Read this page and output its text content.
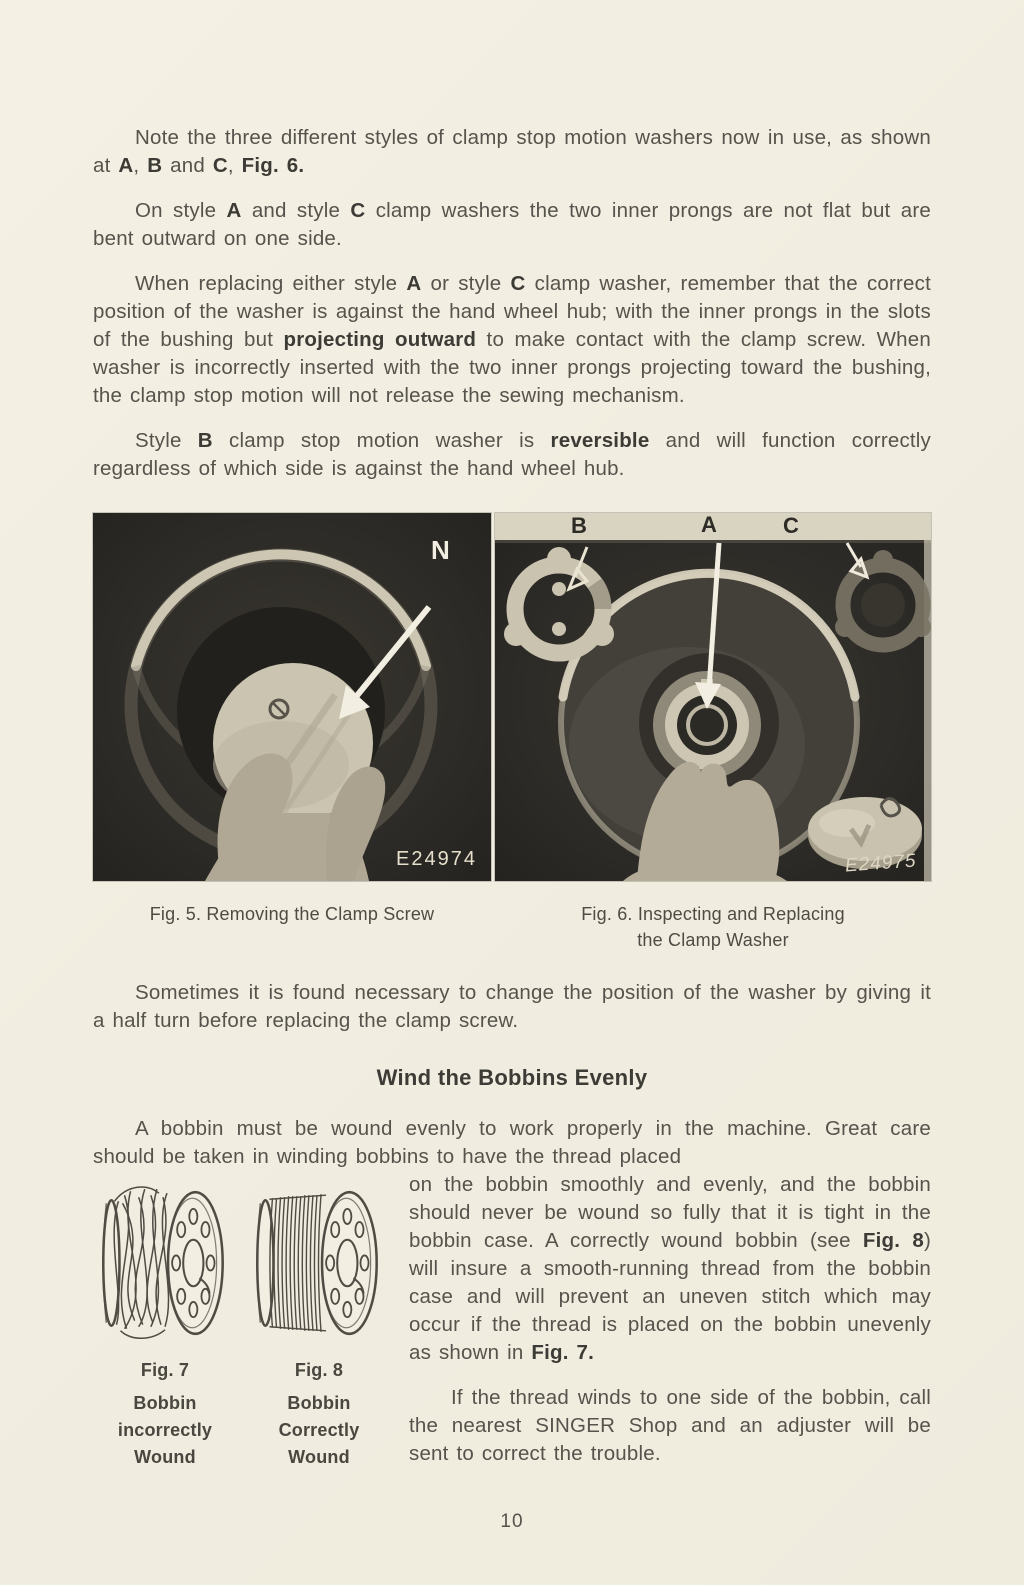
Note the three different styles of clamp stop motion washers now in use, as shown at A, B and C, Fig. 6.

On style A and style C clamp washers the two inner prongs are not flat but are bent outward on one side.

When replacing either style A or style C clamp washer, remember that the correct position of the washer is against the hand wheel hub; with the inner prongs in the slots of the bushing but projecting outward to make contact with the clamp screw. When washer is incorrectly inserted with the two inner prongs projecting toward the bushing, the clamp stop motion will not release the sewing mechanism.

Style B clamp stop motion washer is reversible and will function correctly regardless of which side is against the hand wheel hub.

N
E24974
Fig. 5. Removing the Clamp Screw
B	A	C
E24975
Fig. 6. Inspecting and Replacing
the Clamp Washer

Sometimes it is found necessary to change the position of the washer by giving it a half turn before replacing the clamp screw.

Wind the Bobbins Evenly

A bobbin must be wound evenly to work properly in the machine. Great care should be taken in winding bobbins to have the thread placed

Fig. 7
Bobbin
incorrectly
Wound
Fig. 8
Bobbin
Correctly
Wound

on the bobbin smoothly and evenly, and the bobbin should never be wound so fully that it is tight in the bobbin case. A correctly wound bobbin (see Fig. 8) will insure a smooth-running thread from the bobbin case and will prevent an uneven stitch which may occur if the thread is placed on the bobbin unevenly as shown in Fig. 7.

If the thread winds to one side of the bobbin, call the nearest SINGER Shop and an adjuster will be sent to correct the trouble.

10
